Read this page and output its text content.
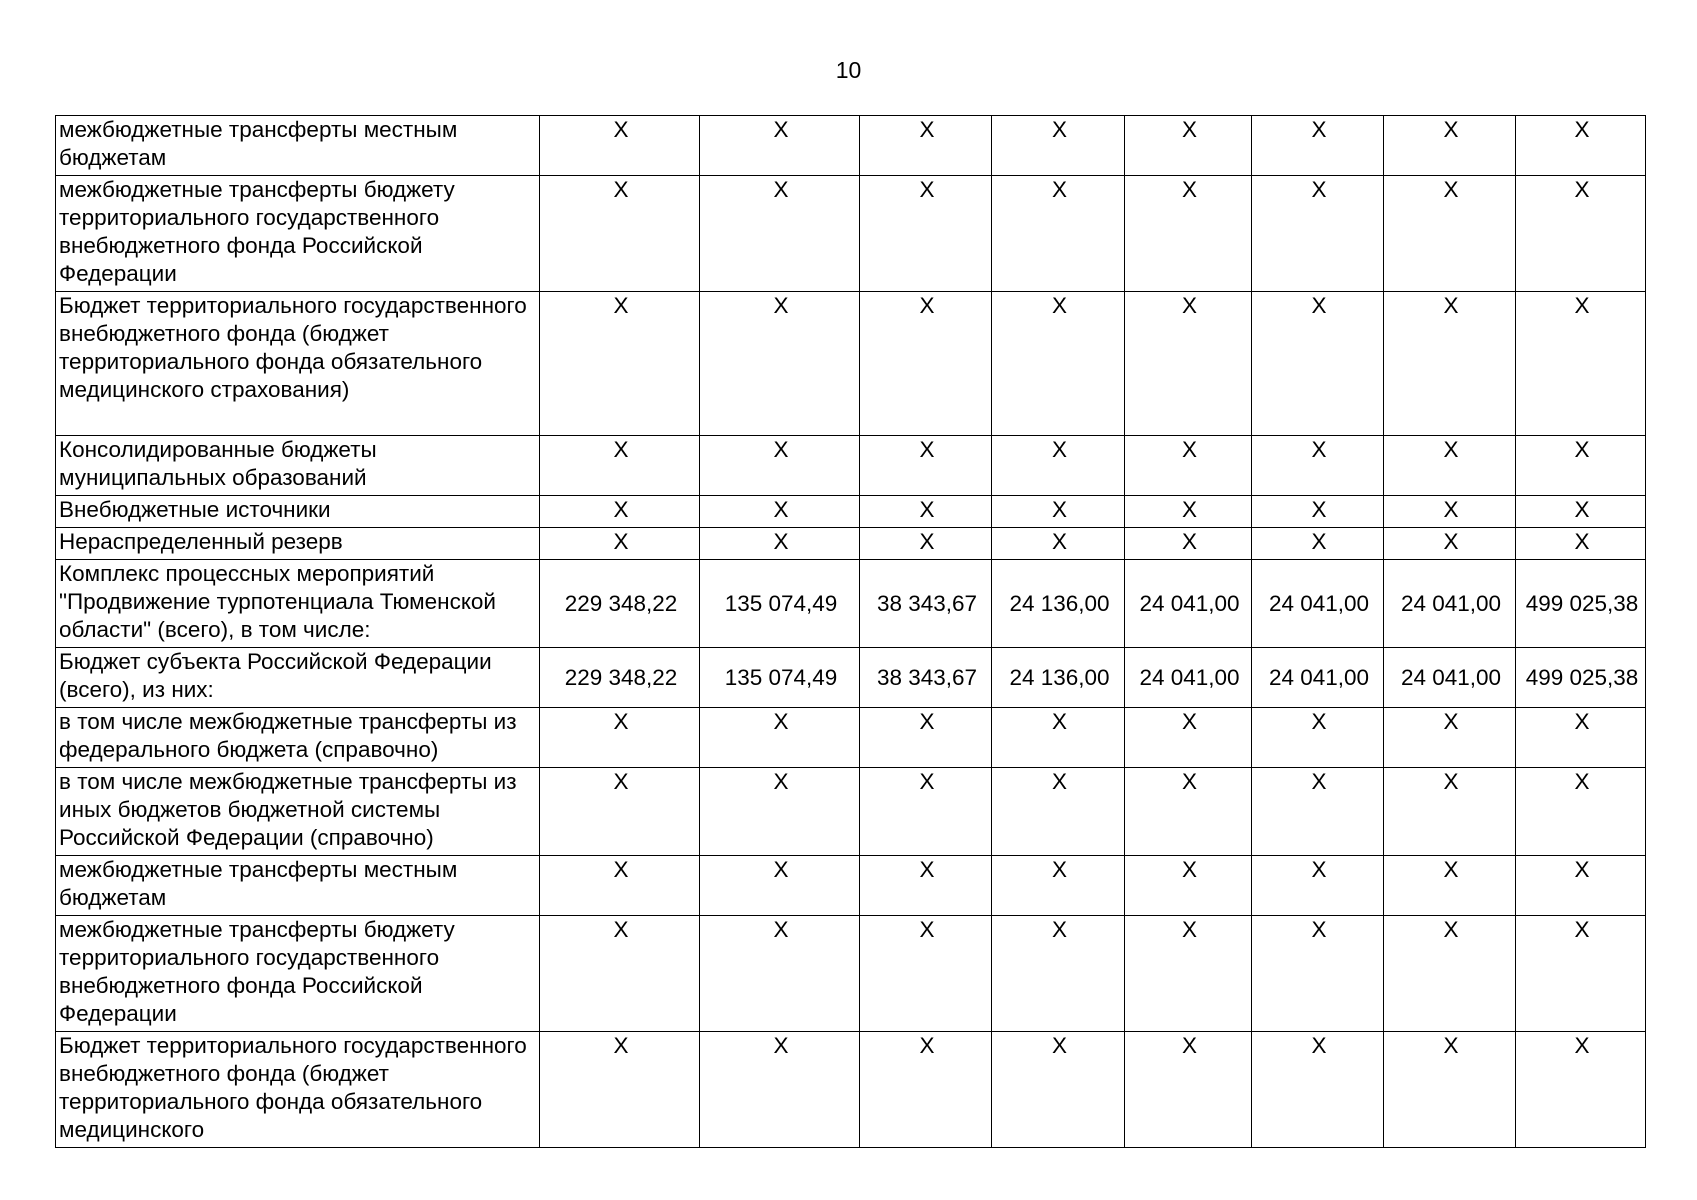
10
межбюджетные трансферты местным бюджетам	X	X	X	X	X	X	X	X
межбюджетные трансферты бюджету территориального государственного внебюджетного фонда Российской Федерации	X	X	X	X	X	X	X	X
Бюджет территориального государственного внебюджетного фонда (бюджет территориального фонда обязательного медицинского страхования)	X	X	X	X	X	X	X	X
Консолидированные бюджеты муниципальных образований	X	X	X	X	X	X	X	X
Внебюджетные источники	X	X	X	X	X	X	X	X
Нераспределенный резерв	X	X	X	X	X	X	X	X
Комплекс процессных мероприятий "Продвижение турпотенциала Тюменской области" (всего), в том числе:	229 348,22	135 074,49	38 343,67	24 136,00	24 041,00	24 041,00	24 041,00	499 025,38
Бюджет субъекта Российской Федерации (всего), из них:	229 348,22	135 074,49	38 343,67	24 136,00	24 041,00	24 041,00	24 041,00	499 025,38
в том числе межбюджетные трансферты из федерального бюджета (справочно)	X	X	X	X	X	X	X	X
в том числе межбюджетные трансферты из иных бюджетов бюджетной системы Российской Федерации (справочно)	X	X	X	X	X	X	X	X
межбюджетные трансферты местным бюджетам	X	X	X	X	X	X	X	X
межбюджетные трансферты бюджету территориального государственного внебюджетного фонда Российской Федерации	X	X	X	X	X	X	X	X
Бюджет территориального государственного внебюджетного фонда (бюджет территориального фонда обязательного медицинского	X	X	X	X	X	X	X	X
